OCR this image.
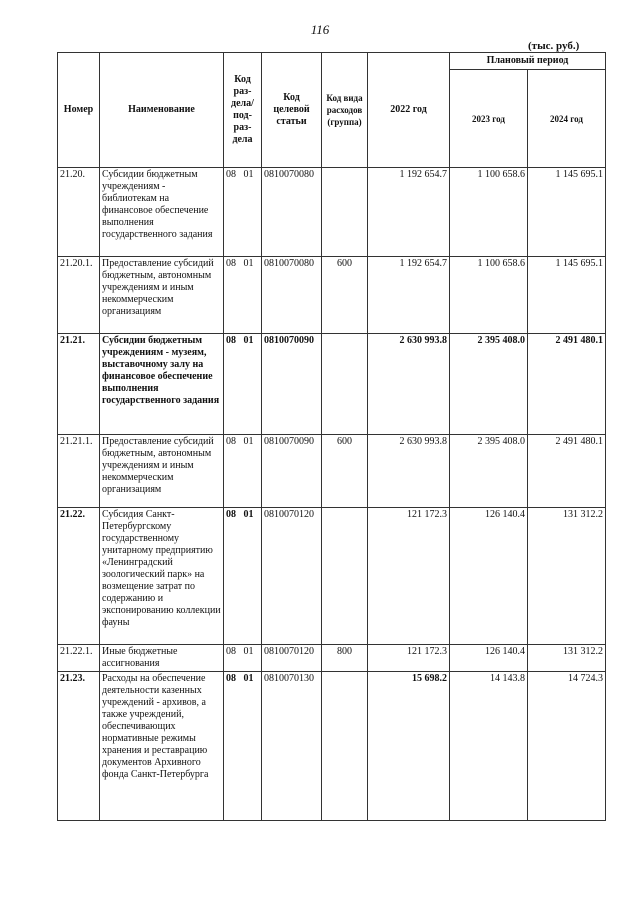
116
(тыс. руб.)
Номер	Наименование	Код раз-дела/ под-раз-дела	Код целевой статьи	Код вида расходов (группа)	2022 год	Плановый период	
						2023 год	2024 год
21.20.	Субсидии бюджетным учреждениям - библиотекам на финансовое обеспечение выполнения государственного задания	08 01	0810070080		1 192 654.7	1 100 658.6	1 145 695.1
21.20.1.	Предоставление субсидий бюджетным, автономным учреждениям и иным некоммерческим организациям	08 01	0810070080	600	1 192 654.7	1 100 658.6	1 145 695.1
21.21.	Субсидии бюджетным учреждениям - музеям, выставочному залу на финансовое обеспечение выполнения государственного задания	08 01	0810070090		2 630 993.8	2 395 408.0	2 491 480.1
21.21.1.	Предоставление субсидий бюджетным, автономным учреждениям и иным некоммерческим организациям	08 01	0810070090	600	2 630 993.8	2 395 408.0	2 491 480.1
21.22.	Субсидия Санкт-Петербургскому государственному унитарному предприятию «Ленинградский зоологический парк» на возмещение затрат по содержанию и экспонированию коллекции фауны	08 01	0810070120		121 172.3	126 140.4	131 312.2
21.22.1.	Иные бюджетные ассигнования	08 01	0810070120	800	121 172.3	126 140.4	131 312.2
21.23.	Расходы на обеспечение деятельности казенных учреждений - архивов, а также учреждений, обеспечивающих нормативные режимы хранения и реставрацию документов Архивного фонда Санкт-Петербурга	08 01	0810070130		15 698.2	14 143.8	14 724.3
